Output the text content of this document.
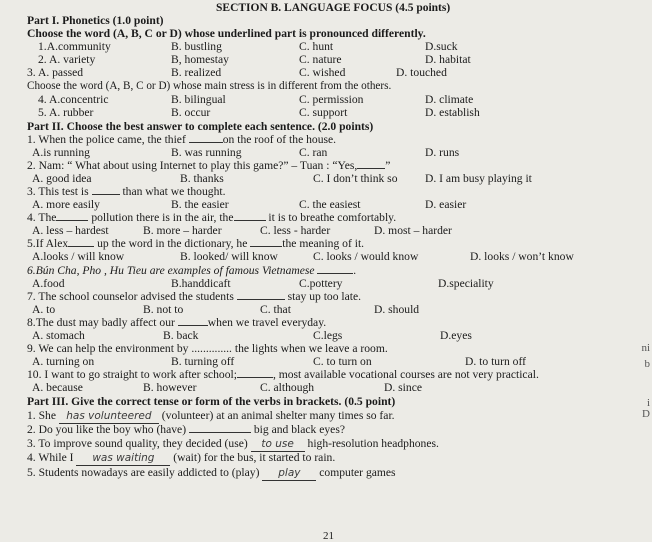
SECTION B. LANGUAGE FOCUS (4.5 points)
Part I. Phonetics (1.0 point)
Choose the word (A, B, C or D) whose underlined part is pronounced differently.
1.A.community	B. bustling	C. hunt	D.suck
2. A. variety	B, homestay	C. nature	D. habitat
3. A. passed	B. realized	C. wished	D. touched
Choose the word (A, B, C or D) whose main stress is in different from the others.
4. A.concentric	B. bilingual	C. permission	D. climate
5. A. rubber	B. occur	C. support	D. establish
Part II. Choose the best answer to complete each sentence. (2.0 points)
1. When the police came, the thief	on the roof of the house.
A.is running	B. was running	C. ran	D. runs
2. Nam: “ What about using Internet to play this game?” – Tuan : “Yes, ”
A. good idea	B. thanks	C. I don’t think so D. I am busy playing it
3. This test is	than what we thought.
A. more easily	B. the easier	C. the easiest	D. easier
4. The	pollution there is in the air, the	it is to breathe comfortably.
A. less – hardest	B. more – harder	C. less - harder	D. most – harder
5.If Alex up the word in the dictionary, he	the meaning of it.
A.looks / will know	B. looked/ will know	C. looks / would know	D. looks / won’t know
6.Bún Cha, Pho , Hu Tieu are examples of famous Vietnamese	.
A.food	B.handdicaft	C.pottery	D.speciality
7. The school counselor advised the students	stay up too late.
A. to	B. not to	C. that	D. should
8.The dust may badly affect our	when we travel everyday.
A. stomach	B. back	C.legs	D.eyes
9. We can help the environment by .............. the lights when we leave a room.
A. turning on	B. turning off	C. to turn on	D. to turn off
10. I want to go straight to work after school;	, most available vocational courses are not very practical.
A. because	B. however	C. although	D. since
Part III. Give the correct tense or form of the verbs in brackets. (0.5 point)
1. She has volunteered (volunteer) at an animal shelter many times so far.
2. Do you like the boy who (have)	big and black eyes?
3. To improve sound quality, they decided (use) to use high-resolution headphones.
4. While I was waiting (wait) for the bus, it started to rain.
5. Students nowadays are easily addicted to (play) play computer games
21
ni
b
i
D
